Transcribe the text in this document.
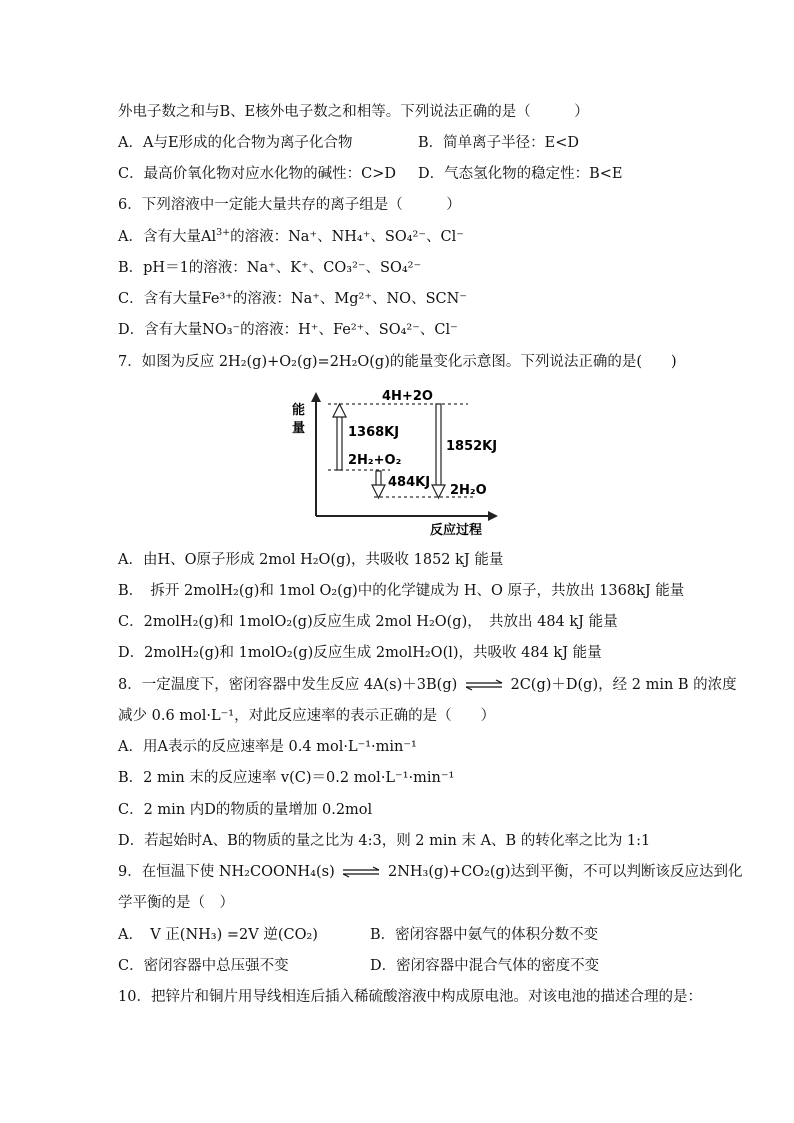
外电子数之和与B、E核外电子数之和相等。下列说法正确的是（　　　）
A．A与E形成的化合物为离子化合物	B．简单离子半径：E<D
C．最高价氧化物对应水化物的碱性：C>D D．气态氢化物的稳定性：B<E
6．下列溶液中一定能大量共存的离子组是（　　　）
A．含有大量$Al^{3+}$的溶液：Na⁺、NH₄⁺、SO₄²⁻、Cl⁻
B．pH＝1的溶液：Na⁺、K⁺、CO₃²⁻、SO₄²⁻
C．含有大量Fe³⁺的溶液：Na⁺、Mg²⁺、NO、SCN⁻
D．含有大量NO₃⁻的溶液：H⁺、Fe²⁺、SO₄²⁻、Cl⁻
7．如图为反应 2H₂(g)+O₂(g)=2H₂O(g)的能量变化示意图。下列说法正确的是(　　)
能
量
4H+2O
1368KJ
2H₂+O₂
1852KJ
484KJ
2H₂O
反应过程
A．由H、O原子形成 2mol H₂O(g)，共吸收 1852 kJ 能量
B．　拆开 2molH₂(g)和 1mol O₂(g)中的化学键成为 H、O 原子，共放出 1368kJ 能量
C．2molH₂(g)和 1molO₂(g)反应生成 2mol H₂O(g)，　共放出 484 kJ 能量
D．2molH₂(g)和 1molO₂(g)反应生成 2molH₂O(l)，共吸收 484 kJ 能量
8．一定温度下，密闭容器中发生反应 4A(s)＋3B(g) ⇌ 2C(g)＋D(g)，经 2 min B 的浓度
减少 0.6 mol·L⁻¹，对此反应速率的表示正确的是（　　）
A．用A表示的反应速率是 0.4 mol·L⁻¹·min⁻¹
B．2 min 末的反应速率 v(C)＝0.2 mol·L⁻¹·min⁻¹
C．2 min 内D的物质的量增加 0.2mol
D．若起始时A、B的物质的量之比为 4:3，则 2 min 末 A、B 的转化率之比为 1:1
9．在恒温下使 NH₂COONH₄(s) ⇌ 2NH₃(g)+CO₂(g)达到平衡，不可以判断该反应达到化
学平衡的是（　）
A．　V 正(NH₃) =2V 逆(CO₂)	B．密闭容器中氨气的体积分数不变
C．密闭容器中总压强不变	D．密闭容器中混合气体的密度不变
10．把锌片和铜片用导线相连后插入稀硫酸溶液中构成原电池。对该电池的描述合理的是：
